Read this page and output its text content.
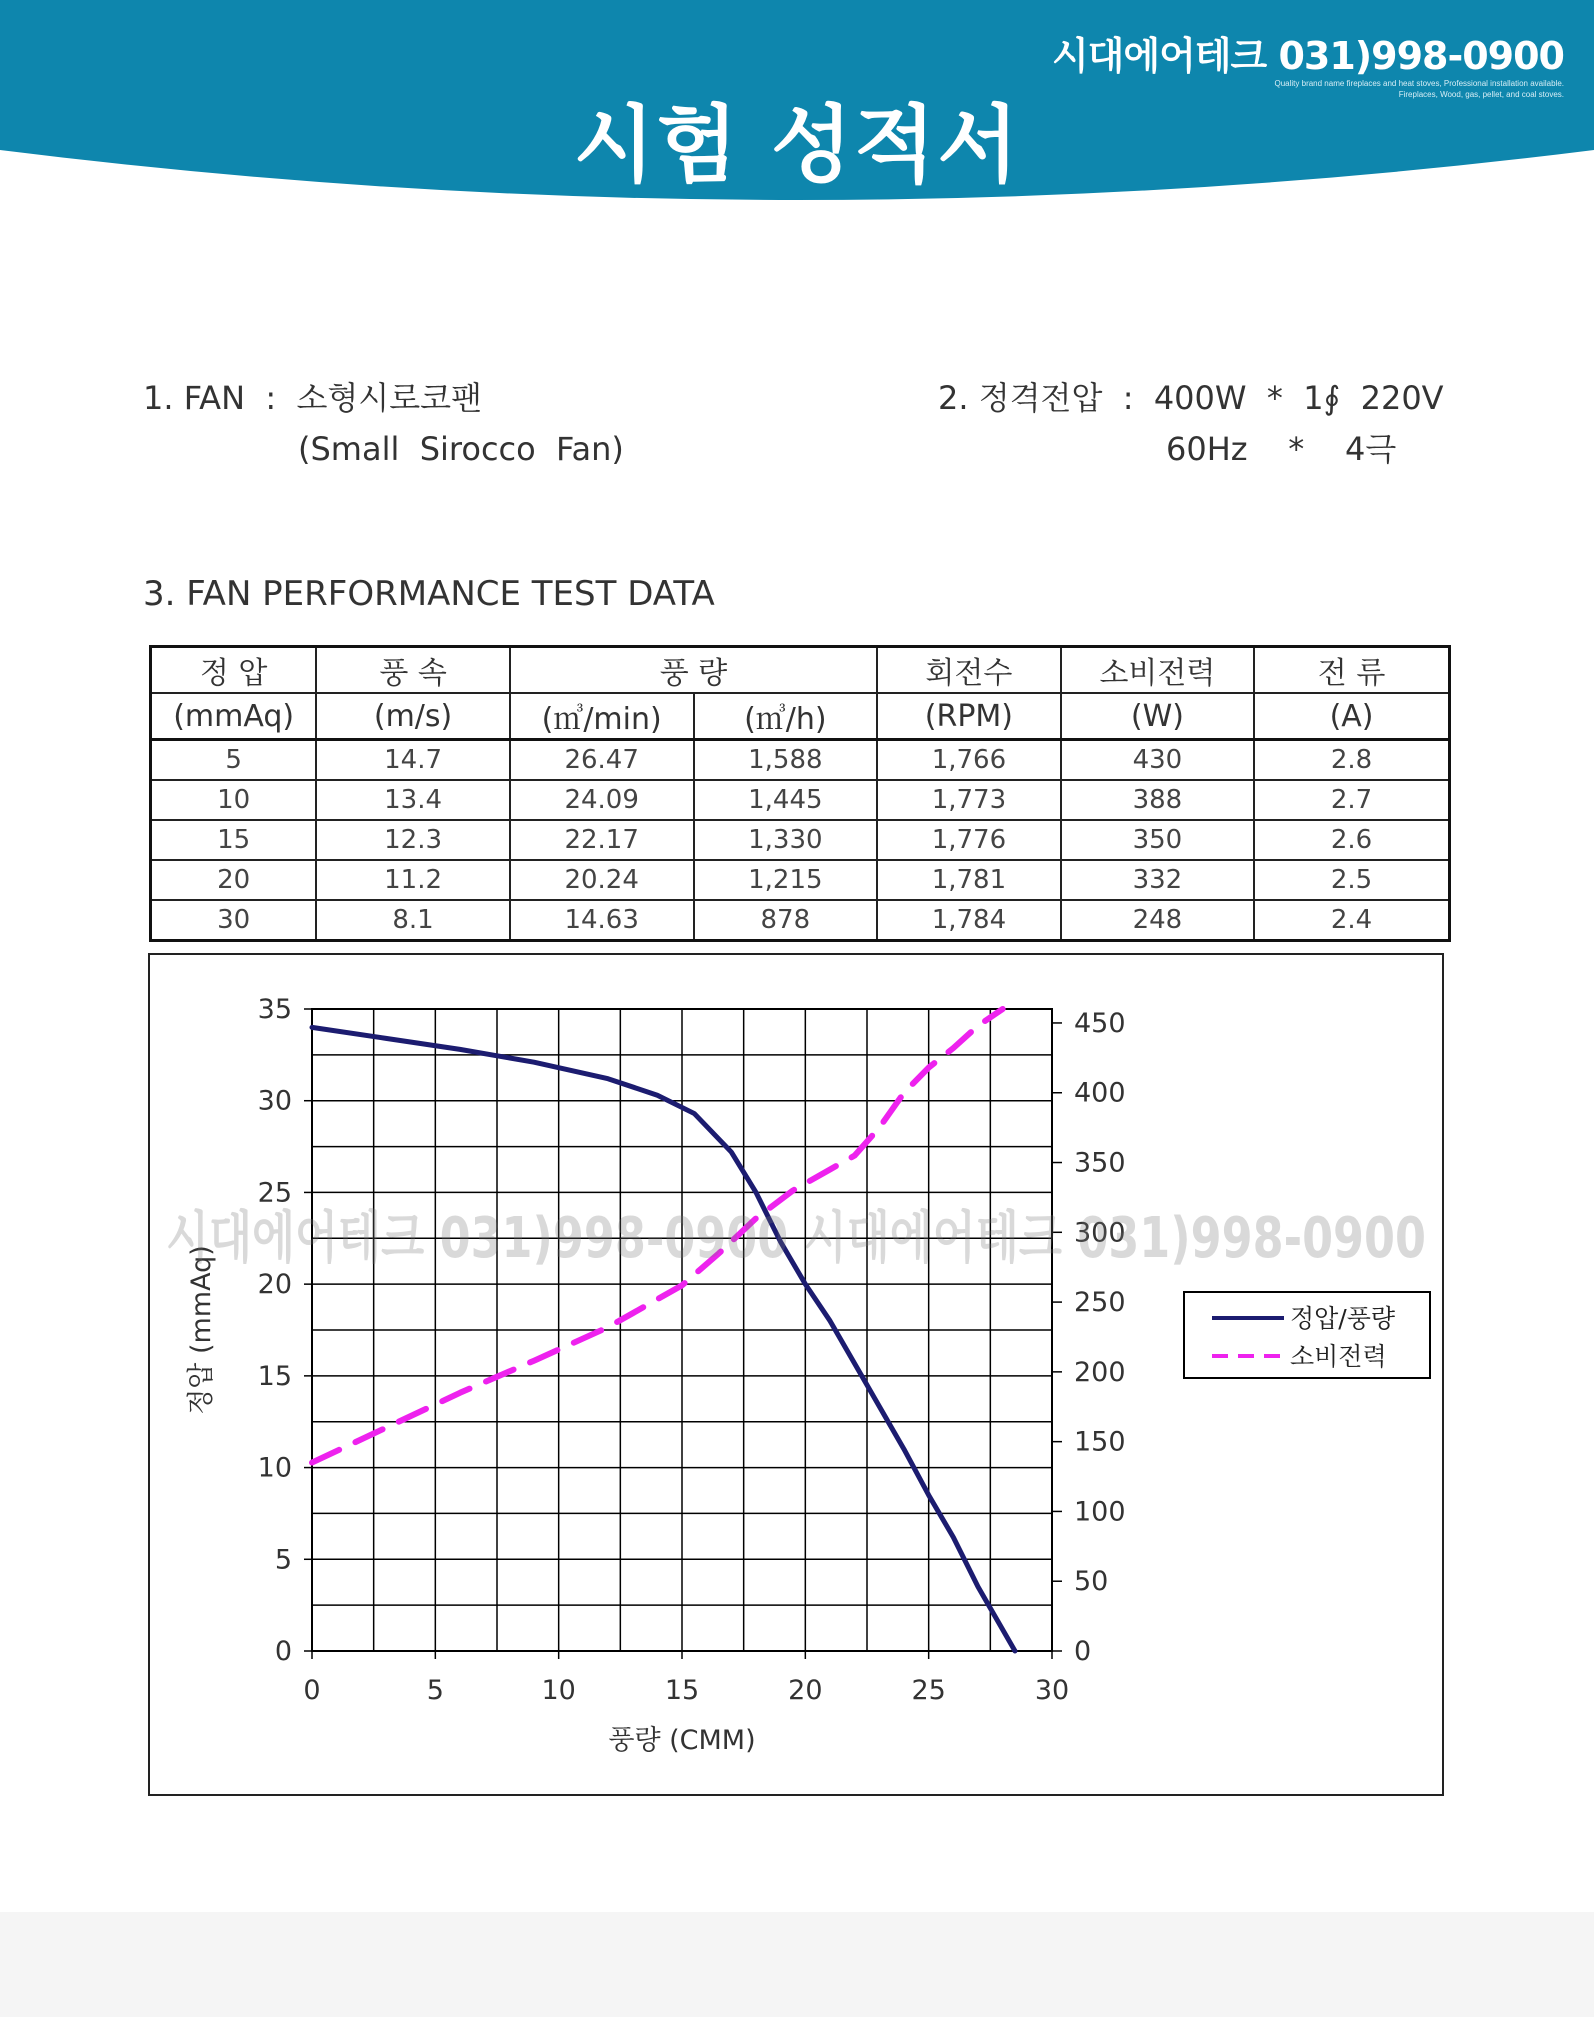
시대에어테크 031)998-0900
Quality brand name fireplaces and heat stoves, Professional installation available.
Fireplaces, Wood, gas, pellet, and coal stoves.
시험 성적서
1. FAN  :  소형시로코팬
(Small  Sirocco  Fan)
2. 정격전압  :  400W  *  1∮  220V
60Hz    *    4극
3. FAN PERFORMANCE TEST DATA
정 압	풍 속	풍 량		회전수	소비전력	전 류
(mmAq)	(m/s)	(㎥/min)	(㎥/h)	(RPM)	(W)	(A)
5	14.7	26.47	1,588	1,766	430	2.8
10	13.4	24.09	1,445	1,773	388	2.7
15	12.3	22.17	1,330	1,776	350	2.6
20	11.2	20.24	1,215	1,781	332	2.5
30	8.1	14.63	878	1,784	248	2.4
0	5	10	15	20	25	30
0
5
10
15
20
25
30
35
0
50
100
150
200
250
300
350
400
450
풍량 (CMM)
정압 (mmAq)	정압/풍량
소비전력
시대에어테크 031)998-0900 시대에어테크 031)998-0900
